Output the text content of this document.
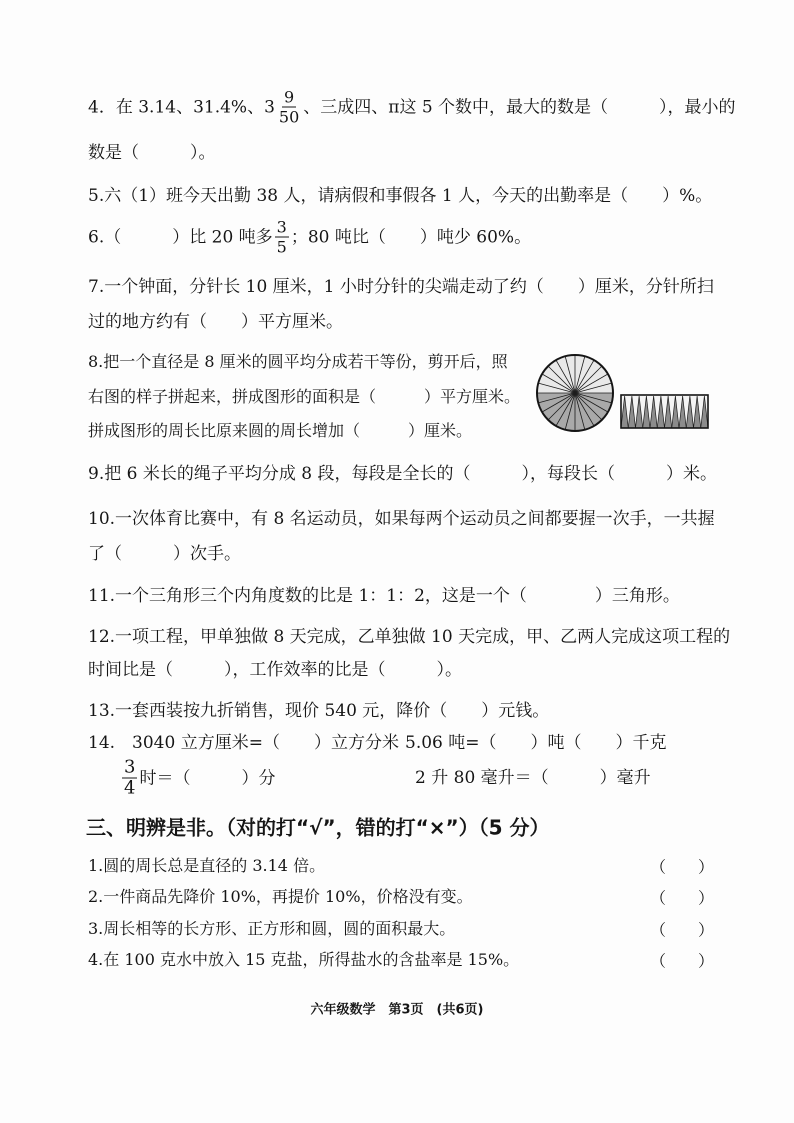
4．在 3.14、31.4%、$3 \frac{9}{50}$ 、三成四、π这 5 个数中，最大的数是（　　　），最小的
数是（　　　）。
5.六（1）班今天出勤 38 人，请病假和事假各 1 人，今天的出勤率是（　　）%。
6.（　　　）比 20 吨多 $\frac{3}{5}$ ；80 吨比（　　）吨少 60%。
7.一个钟面，分针长 10 厘米，1 小时分针的尖端走动了约（　　）厘米，分针所扫
过的地方约有（　　）平方厘米。
8.把一个直径是 8 厘米的圆平均分成若干等份，剪开后，照
右图的样子拼起来，拼成图形的面积是（　　　）平方厘米。
拼成图形的周长比原来圆的周长增加（　　　）厘米。
9.把 6 米长的绳子平均分成 8 段，每段是全长的（　　　），每段长（　　　）米。
10.一次体育比赛中，有 8 名运动员，如果每两个运动员之间都要握一次手，一共握
了（　　　）次手。
11.一个三角形三个内角度数的比是 1：1：2，这是一个（　　　　）三角形。
12.一项工程，甲单独做 8 天完成，乙单独做 10 天完成，甲、乙两人完成这项工程的
时间比是（　　　），工作效率的比是（　　　）。
13.一套西装按九折销售，现价 540 元，降价（　　）元钱。
14.　3040 立方厘米=（　　）立方分米 5.06 吨=（　　）吨（　　）千克
$\frac{3}{4}$ 时＝（　　　）分	2 升 80 毫升＝（　　　）毫升
三、明辨是非。（对的打“√”，错的打“×”）（5 分）
1.圆的周长总是直径的 3.14 倍。	（　　）
2.一件商品先降价 10%，再提价 10%，价格没有变。	（　　）
3.周长相等的长方形、正方形和圆，圆的面积最大。	（　　）
4.在 100 克水中放入 15 克盐，所得盐水的含盐率是 15%。	（　　）
六年级数学　第3页　(共6页)
